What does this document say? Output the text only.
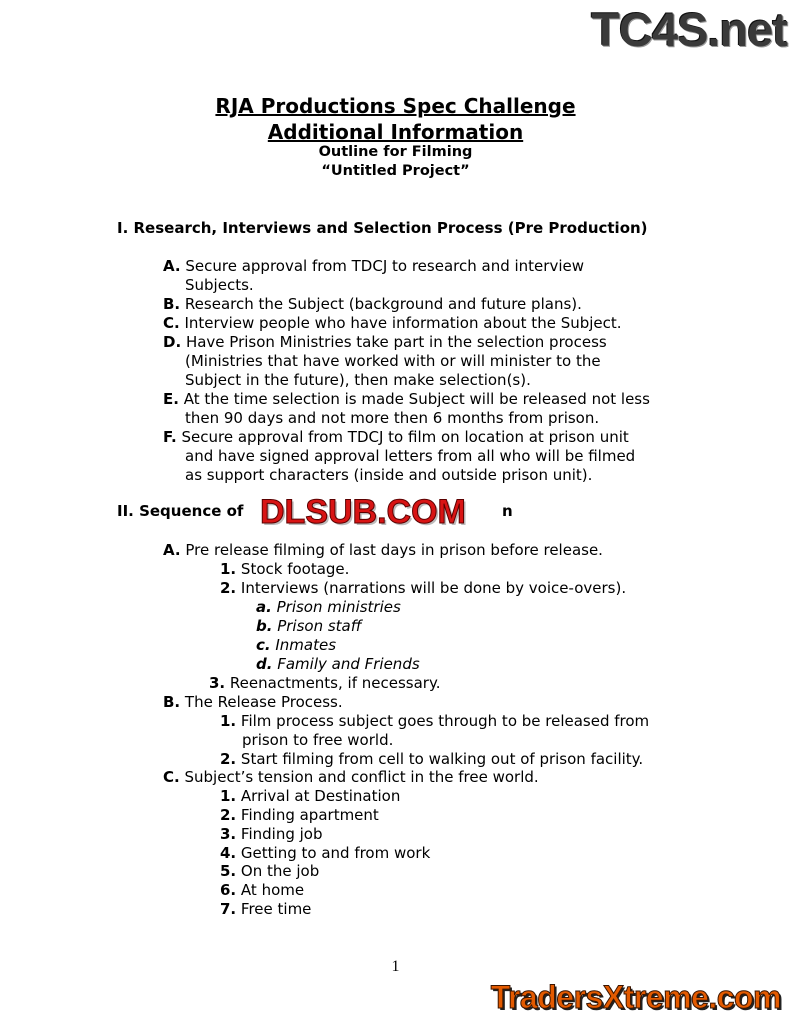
TC4S.net
DLSUB.COM
TradersXtreme.com
RJA Productions Spec Challenge
Additional Information
Outline for Filming
“Untitled Project”
I. Research, Interviews and Selection Process (Pre Production)
A. Secure approval from TDCJ to research and interview
Subjects.
B. Research the Subject (background and future plans).
C. Interview people who have information about the Subject.
D. Have Prison Ministries take part in the selection process
(Ministries that have worked with or will minister to the
Subject in the future), then make selection(s).
E. At the time selection is made Subject will be released not less
then 90 days and not more then 6 months from prison.
F. Secure approval from TDCJ to film on location at prison unit
and have signed approval letters from all who will be filmed
as support characters (inside and outside prison unit).
II. Sequence of	n
A. Pre release filming of last days in prison before release.
1. Stock footage.
2. Interviews (narrations will be done by voice-overs).
a. Prison ministries
b. Prison staff
c. Inmates
d. Family and Friends
3. Reenactments, if necessary.
B. The Release Process.
1. Film process subject goes through to be released from
prison to free world.
2. Start filming from cell to walking out of prison facility.
C. Subject’s tension and conflict in the free world.
1. Arrival at Destination
2. Finding apartment
3. Finding job
4. Getting to and from work
5. On the job
6. At home
7. Free time
1
